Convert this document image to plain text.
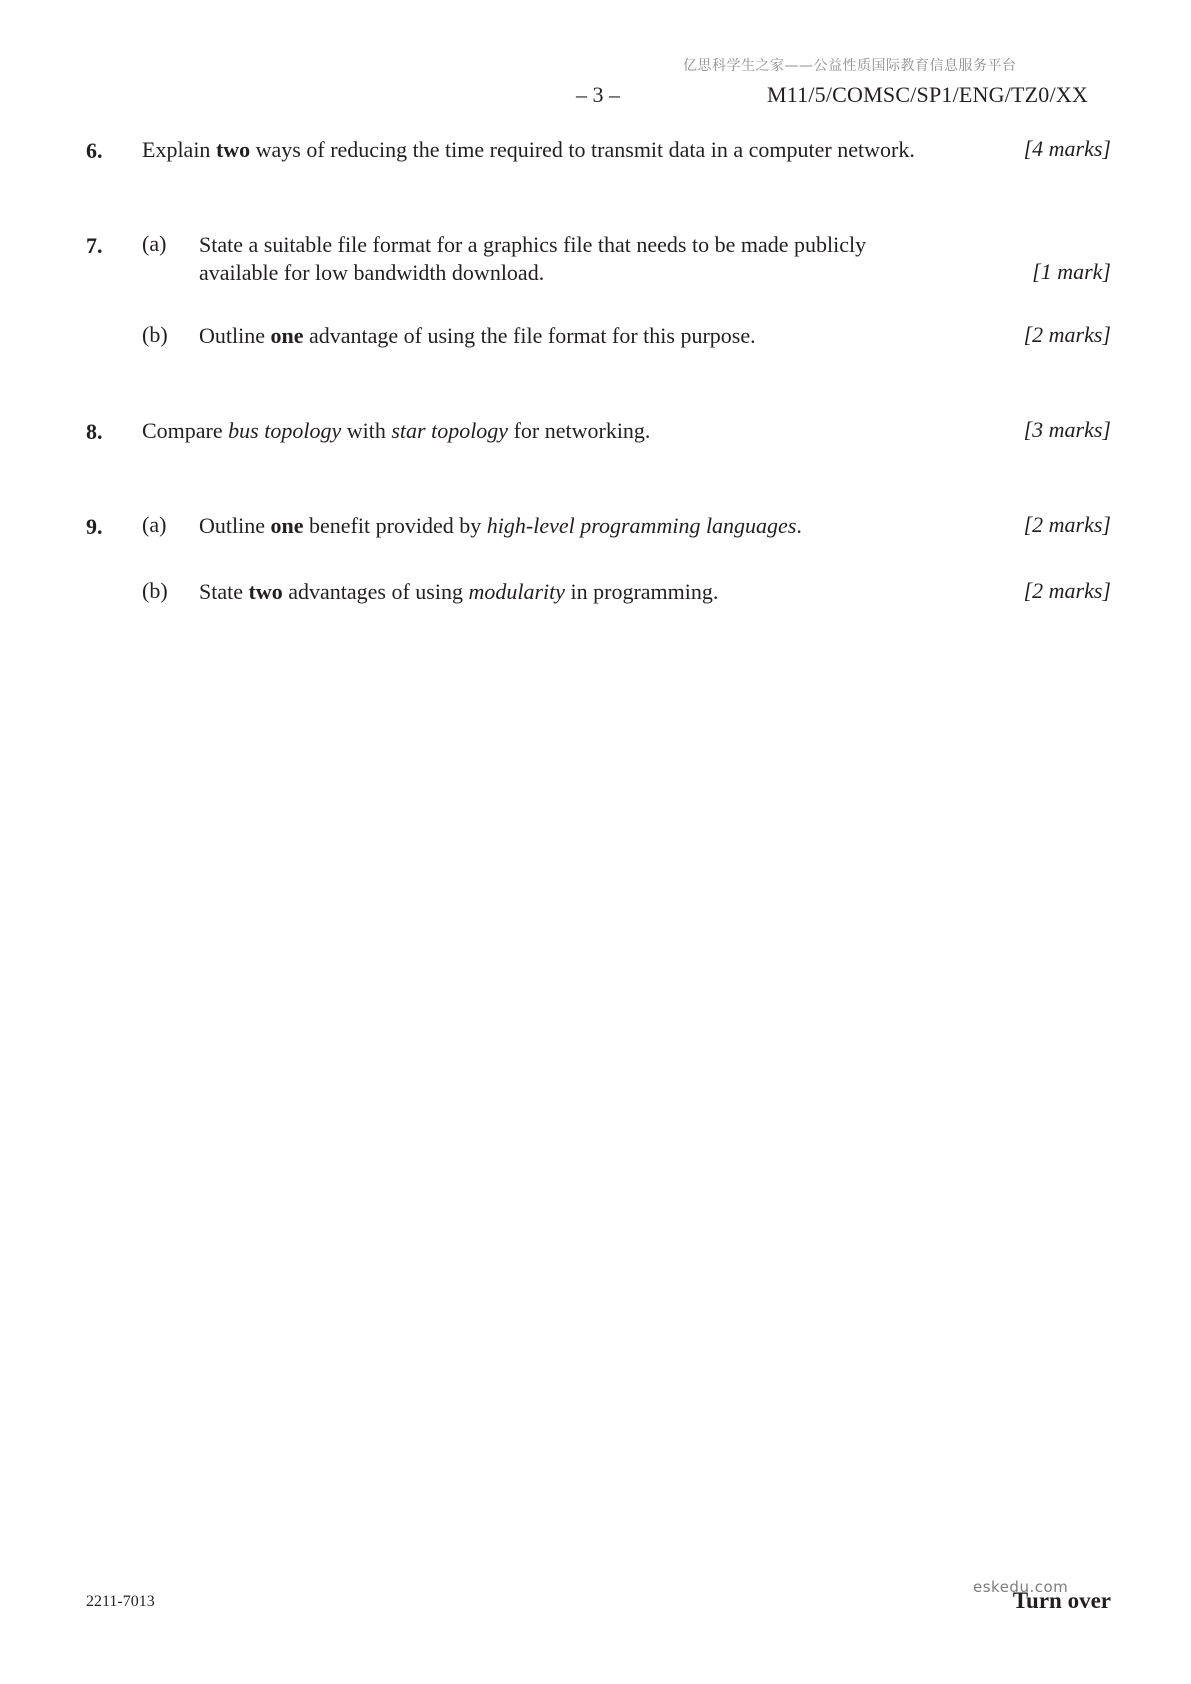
亿思科学生之家——公益性质国际教育信息服务平台
– 3 –	M11/5/COMSC/SP1/ENG/TZ0/XX
6. Explain two ways of reducing the time required to transmit data in a computer network.	[4 marks]
7. (a) State a suitable file format for a graphics file that needs to be made publicly
available for low bandwidth download.	[1 mark]
(b) Outline one advantage of using the file format for this purpose.	[2 marks]
8. Compare bus topology with star topology for networking.	[3 marks]
9. (a) Outline one benefit provided by high-level programming languages.	[2 marks]
(b) State two advantages of using modularity in programming.	[2 marks]
2211-7013	Turn over
eskedu.com
